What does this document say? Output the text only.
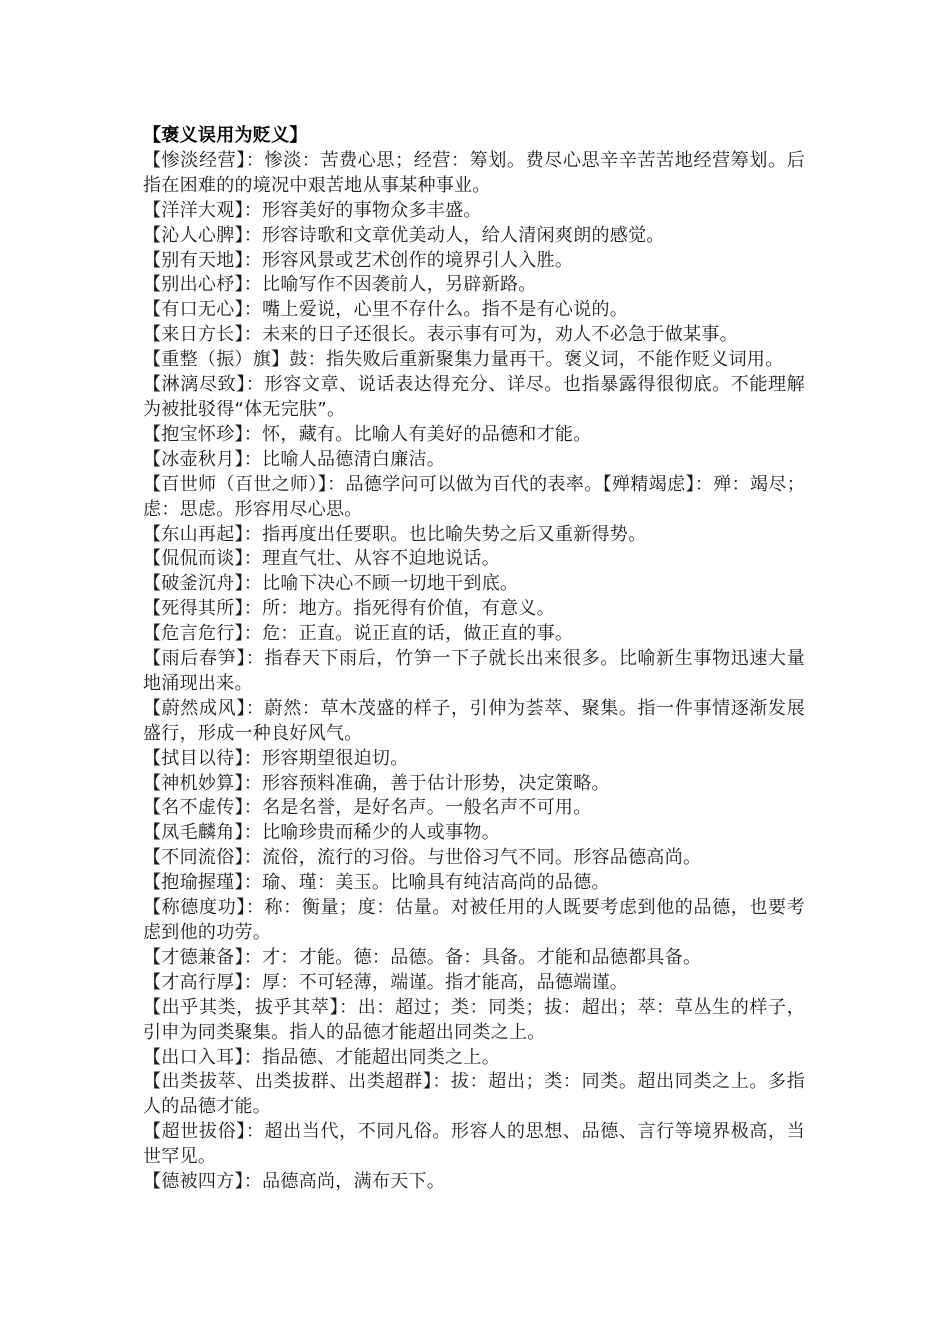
【褒义误用为贬义】

【惨淡经营】：惨淡：苦费心思；经营：筹划。费尽心思辛辛苦苦地经营筹划。后指在困难的的境况中艰苦地从事某种事业。

【洋洋大观】：形容美好的事物众多丰盛。

【沁人心脾】：形容诗歌和文章优美动人，给人清闲爽朗的感觉。

【别有天地】：形容风景或艺术创作的境界引人入胜。

【别出心杼】：比喻写作不因袭前人，另辟新路。

【有口无心】：嘴上爱说，心里不存什么。指不是有心说的。

【来日方长】：未来的日子还很长。表示事有可为，劝人不必急于做某事。

【重整（振）旗】鼓：指失败后重新聚集力量再干。褒义词，不能作贬义词用。

【淋漓尽致】：形容文章、说话表达得充分、详尽。也指暴露得很彻底。不能理解为被批驳得“体无完肤”。

【抱宝怀珍】：怀，藏有。比喻人有美好的品德和才能。

【冰壶秋月】：比喻人品德清白廉洁。

【百世师（百世之师）】：品德学问可以做为百代的表率。【殚精竭虑】：殚：竭尽；虑：思虑。形容用尽心思。

【东山再起】：指再度出任要职。也比喻失势之后又重新得势。

【侃侃而谈】：理直气壮、从容不迫地说话。

【破釜沉舟】：比喻下决心不顾一切地干到底。

【死得其所】：所：地方。指死得有价值，有意义。

【危言危行】：危：正直。说正直的话，做正直的事。

【雨后春笋】：指春天下雨后，竹笋一下子就长出来很多。比喻新生事物迅速大量地涌现出来。

【蔚然成风】：蔚然：草木茂盛的样子，引伸为荟萃、聚集。指一件事情逐渐发展盛行，形成一种良好风气。

【拭目以待】：形容期望很迫切。

【神机妙算】：形容预料准确，善于估计形势，决定策略。

【名不虚传】：名是名誉，是好名声。一般名声不可用。

【凤毛麟角】：比喻珍贵而稀少的人或事物。

【不同流俗】：流俗，流行的习俗。与世俗习气不同。形容品德高尚。

【抱瑜握瑾】：瑜、瑾：美玉。比喻具有纯洁高尚的品德。

【称德度功】：称：衡量；度：估量。对被任用的人既要考虑到他的品德，也要考虑到他的功劳。

【才德兼备】：才：才能。德：品德。备：具备。才能和品德都具备。

【才高行厚】：厚：不可轻薄，端谨。指才能高，品德端谨。

【出乎其类，拔乎其萃】：出：超过；类：同类；拔：超出；萃：草丛生的样子，引申为同类聚集。指人的品德才能超出同类之上。

【出口入耳】：指品德、才能超出同类之上。

【出类拔萃、出类拔群、出类超群】：拔：超出；类：同类。超出同类之上。多指人的品德才能。

【超世拔俗】：超出当代，不同凡俗。形容人的思想、品德、言行等境界极高，当世罕见。

【德被四方】：品德高尚，满布天下。
